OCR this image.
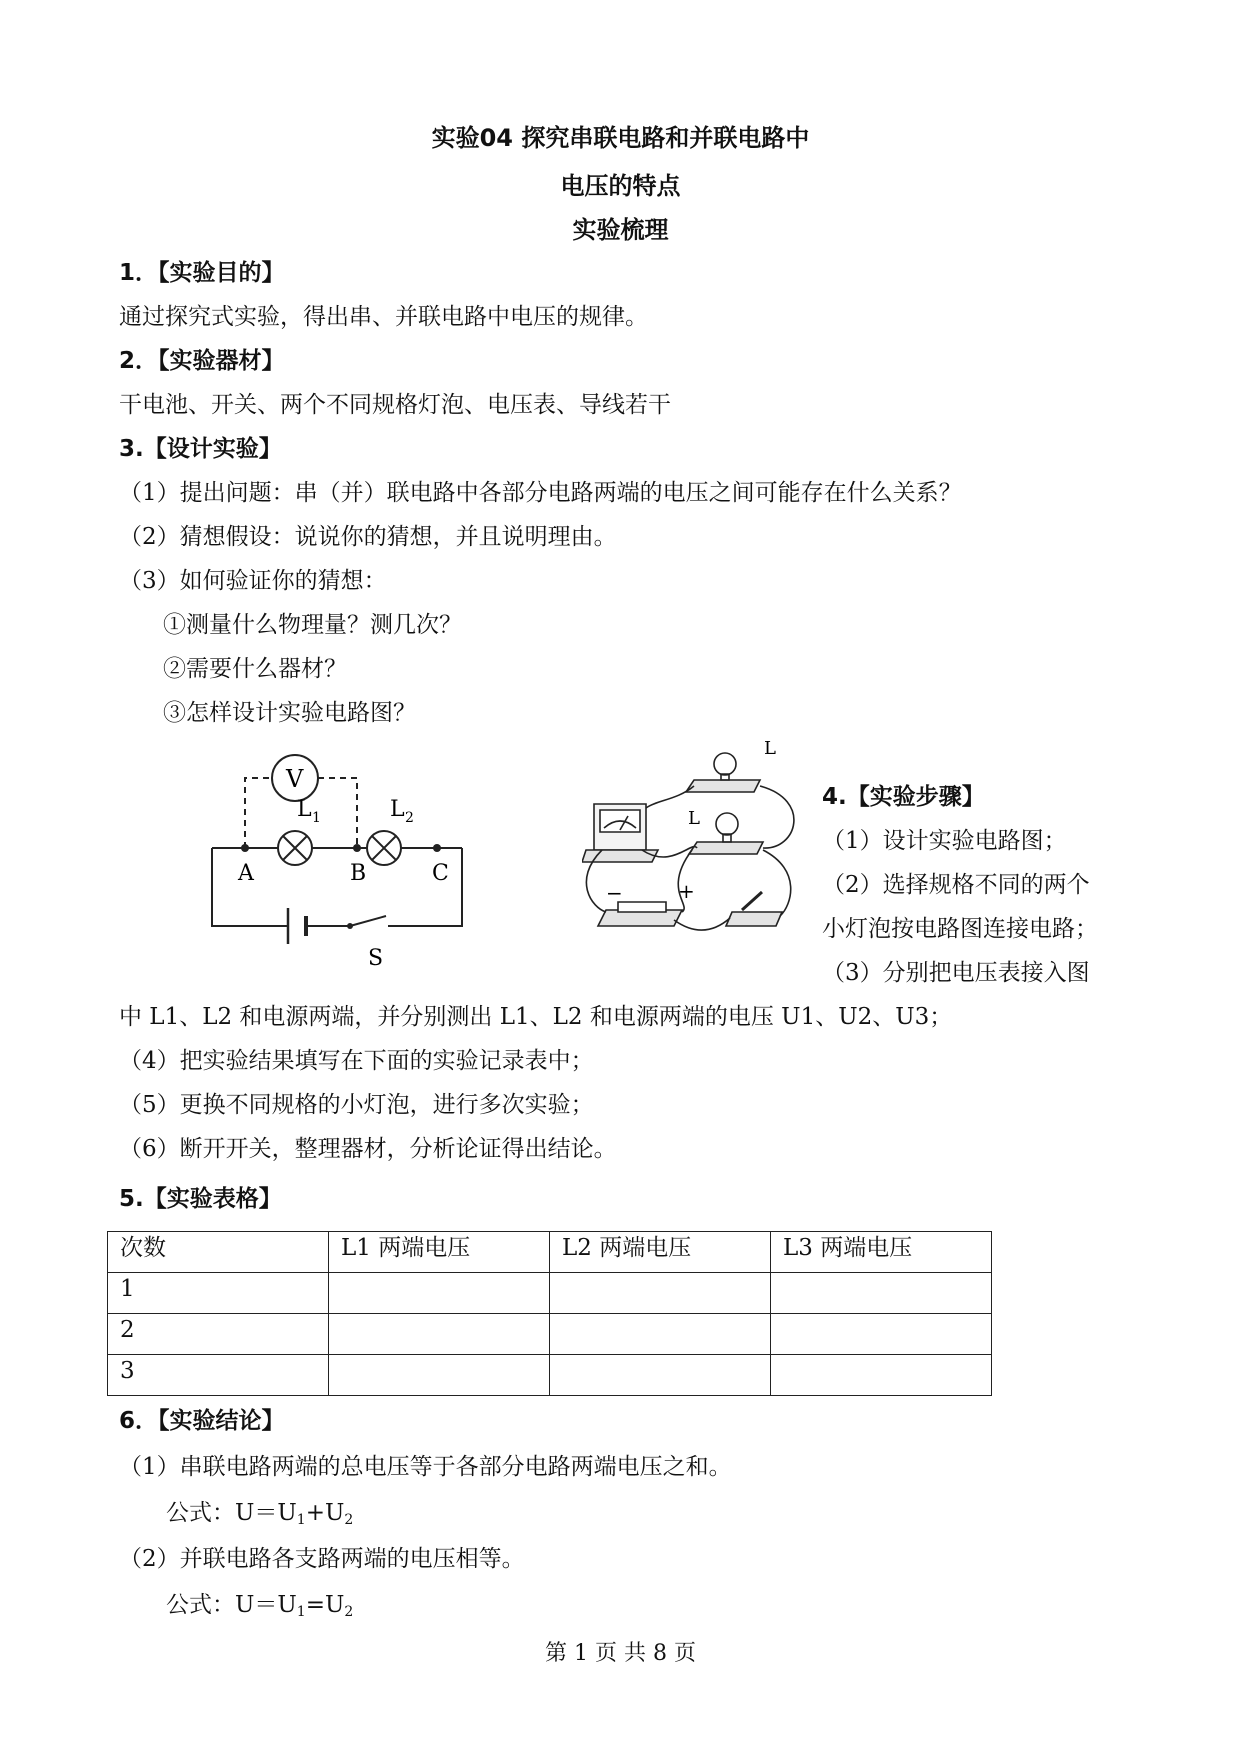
实验04 探究串联电路和并联电路中
电压的特点
实验梳理
1．【实验目的】
通过探究式实验，得出串、并联电路中电压的规律。
2．【实验器材】
干电池、开关、两个不同规格灯泡、电压表、导线若干
3.【设计实验】
（1）提出问题：串（并）联电路中各部分电路两端的电压之间可能存在什么关系？
（2）猜想假设：说说你的猜想，并且说明理由。
（3）如何验证你的猜想：
①测量什么物理量？测几次？
②需要什么器材？
③怎样设计实验电路图？
V
L 1	L 2
A	B	C
S
L
L
−	+
4.【实验步骤】
（1）设计实验电路图；
（2）选择规格不同的两个
小灯泡按电路图连接电路；
（3）分别把电压表接入图
中 L1、L2 和电源两端，并分别测出 L1、L2 和电源两端的电压 U1、U2、U3；
（4）把实验结果填写在下面的实验记录表中；
（5）更换不同规格的小灯泡，进行多次实验；
（6）断开开关，整理器材，分析论证得出结论。
5.【实验表格】
次数	L1 两端电压	L2 两端电压	L3 两端电压
1			
2			
3			
6．【实验结论】
（1）串联电路两端的总电压等于各部分电路两端电压之和。
公式：$U=U_1+U_2$
（2）并联电路各支路两端的电压相等。
公式：$U=U_1=U_2$
第 1 页 共 8 页
